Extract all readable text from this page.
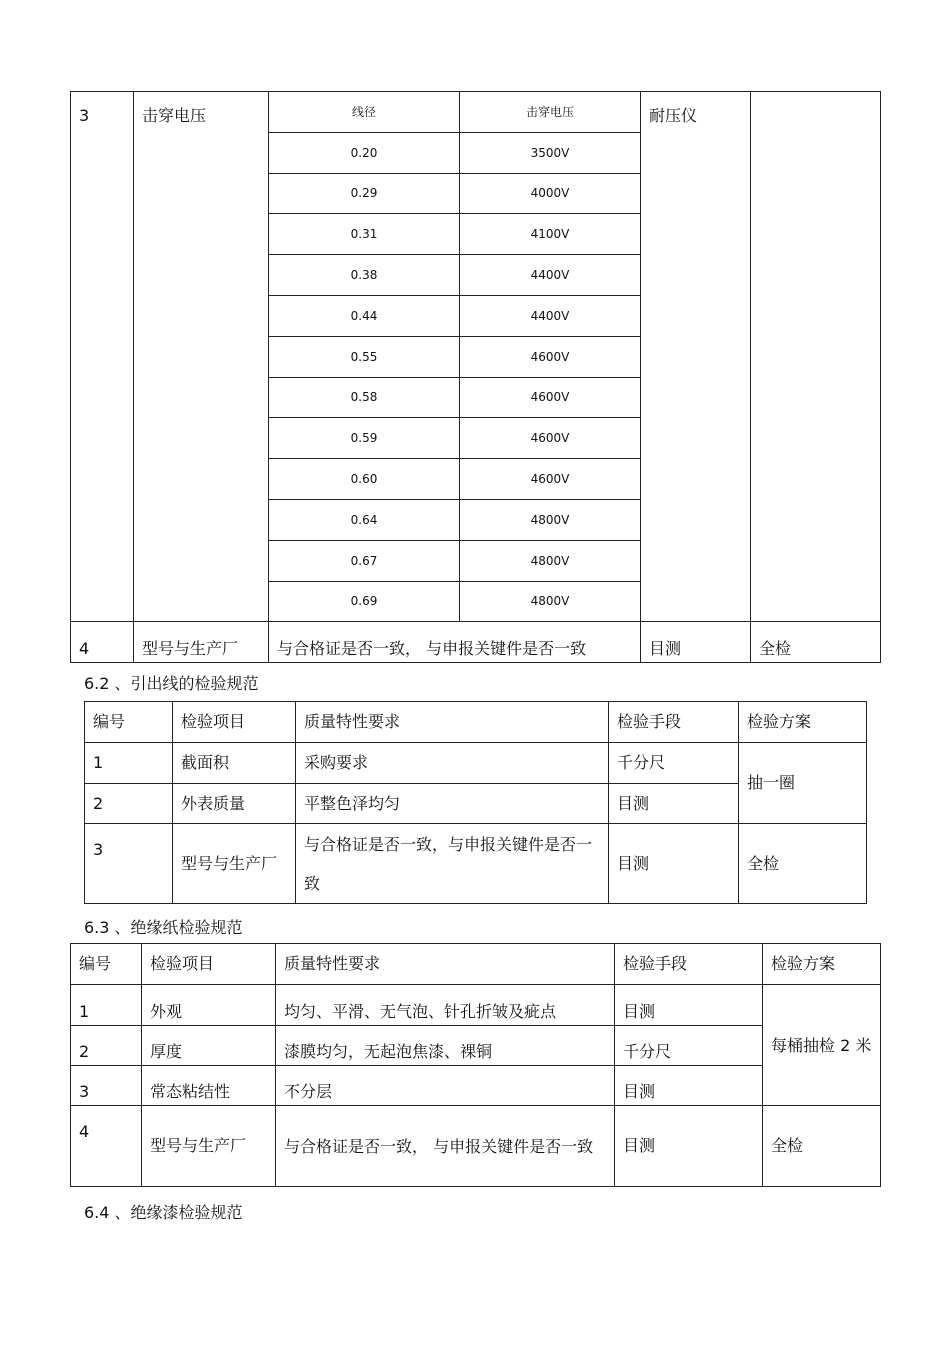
3	击穿电压	线径	击穿电压	耐压仪	
		0.20	3500V		
		0.29	4000V		
		0.31	4100V		
		0.38	4400V		
		0.44	4400V		
		0.55	4600V		
		0.58	4600V		
		0.59	4600V		
		0.60	4600V		
		0.64	4800V		
		0.67	4800V		
		0.69	4800V		
4	型号与生产厂	与合格证是否一致， 与申报关键件是否一致		目测	全检
6.2 、引出线的检验规范
编号	检验项目	质量特性要求	检验手段	检验方案
1	截面积	采购要求	千分尺	抽一圈
2	外表质量	平整色泽均匀	目测	
3	型号与生产厂	与合格证是否一致，与申报关键件是否一致	目测	全检
6.3 、绝缘纸检验规范
编号	检验项目	质量特性要求	检验手段	检验方案
1	外观	均匀、平滑、无气泡、针孔折皱及疵点	目测	每桶抽检 2 米
2	厚度	漆膜均匀，无起泡焦漆、裸铜	千分尺	
3	常态粘结性	不分层	目测	
4	型号与生产厂	与合格证是否一致， 与申报关键件是否一致	目测	全检
6.4 、绝缘漆检验规范
